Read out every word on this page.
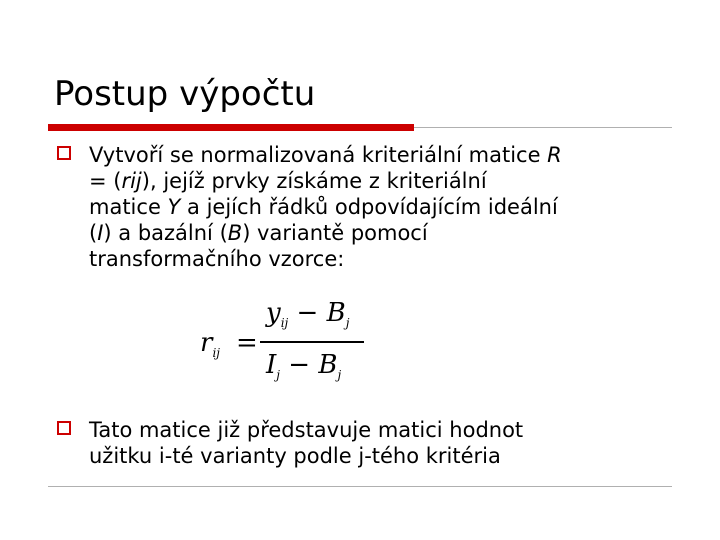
Postup výpočtu
Vytvoří se normalizovaná kriteriální matice R
= (rij), jejíž prvky získáme z kriteriální
matice Y a jejích řádků odpovídajícím ideální
(I) a bazální (B) variantě pomocí
transformačního vzorce:
$r_{ij}$ =
$y_{ij} - B_j$
$I_j - B_j$
Tato matice již představuje matici hodnot
užitku i-té varianty podle j-tého kritéria
